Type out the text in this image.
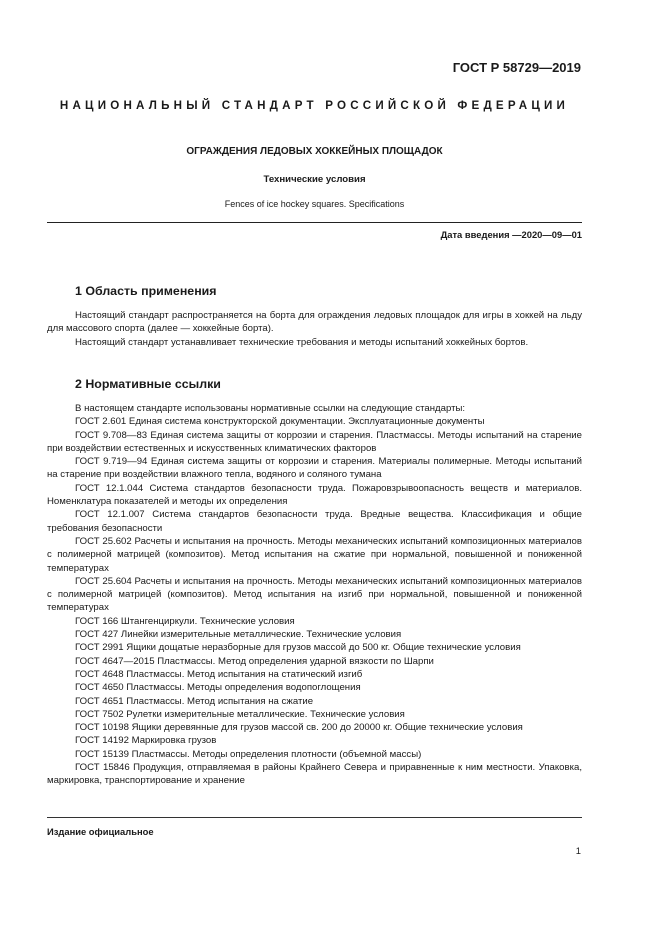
ГОСТ Р 58729—2019
НАЦИОНАЛЬНЫЙ СТАНДАРТ РОССИЙСКОЙ ФЕДЕРАЦИИ
ОГРАЖДЕНИЯ ЛЕДОВЫХ ХОККЕЙНЫХ ПЛОЩАДОК
Технические условия
Fences of ice hockey squares. Specifications
Дата введения —2020—09—01
1 Область применения

Настоящий стандарт распространяется на борта для ограждения ледовых площадок для игры в хоккей на льду для массового спорта (далее — хоккейные борта).

Настоящий стандарт устанавливает технические требования и методы испытаний хоккейных бортов.

2 Нормативные ссылки

В настоящем стандарте использованы нормативные ссылки на следующие стандарты:

ГОСТ 2.601 Единая система конструкторской документации. Эксплуатационные документы

ГОСТ 9.708—83 Единая система защиты от коррозии и старения. Пластмассы. Методы испытаний на старение при воздействии естественных и искусственных климатических факторов

ГОСТ 9.719—94 Единая система защиты от коррозии и старения. Материалы полимерные. Методы испытаний на старение при воздействии влажного тепла, водяного и соляного тумана

ГОСТ 12.1.044 Система стандартов безопасности труда. Пожаровзрывоопасность веществ и материалов. Номенклатура показателей и методы их определения

ГОСТ 12.1.007 Система стандартов безопасности труда. Вредные вещества. Классификация и общие требования безопасности

ГОСТ 25.602 Расчеты и испытания на прочность. Методы механических испытаний композиционных материалов с полимерной матрицей (композитов). Метод испытания на сжатие при нормальной, повышенной и пониженной температурах

ГОСТ 25.604 Расчеты и испытания на прочность. Методы механических испытаний композиционных материалов с полимерной матрицей (композитов). Метод испытания на изгиб при нормальной, повышенной и пониженной температурах

ГОСТ 166 Штангенциркули. Технические условия

ГОСТ 427 Линейки измерительные металлические. Технические условия

ГОСТ 2991 Ящики дощатые неразборные для грузов массой до 500 кг. Общие технические условия

ГОСТ 4647—2015 Пластмассы. Метод определения ударной вязкости по Шарпи

ГОСТ 4648 Пластмассы. Метод испытания на статический изгиб

ГОСТ 4650 Пластмассы. Методы определения водопоглощения

ГОСТ 4651 Пластмассы. Метод испытания на сжатие

ГОСТ 7502 Рулетки измерительные металлические. Технические условия

ГОСТ 10198 Ящики деревянные для грузов массой св. 200 до 20000 кг. Общие технические условия

ГОСТ 14192 Маркировка грузов

ГОСТ 15139 Пластмассы. Методы определения плотности (объемной массы)

ГОСТ 15846 Продукция, отправляемая в районы Крайнего Севера и приравненные к ним местности. Упаковка, маркировка, транспортирование и хранение

Издание официальное
1
